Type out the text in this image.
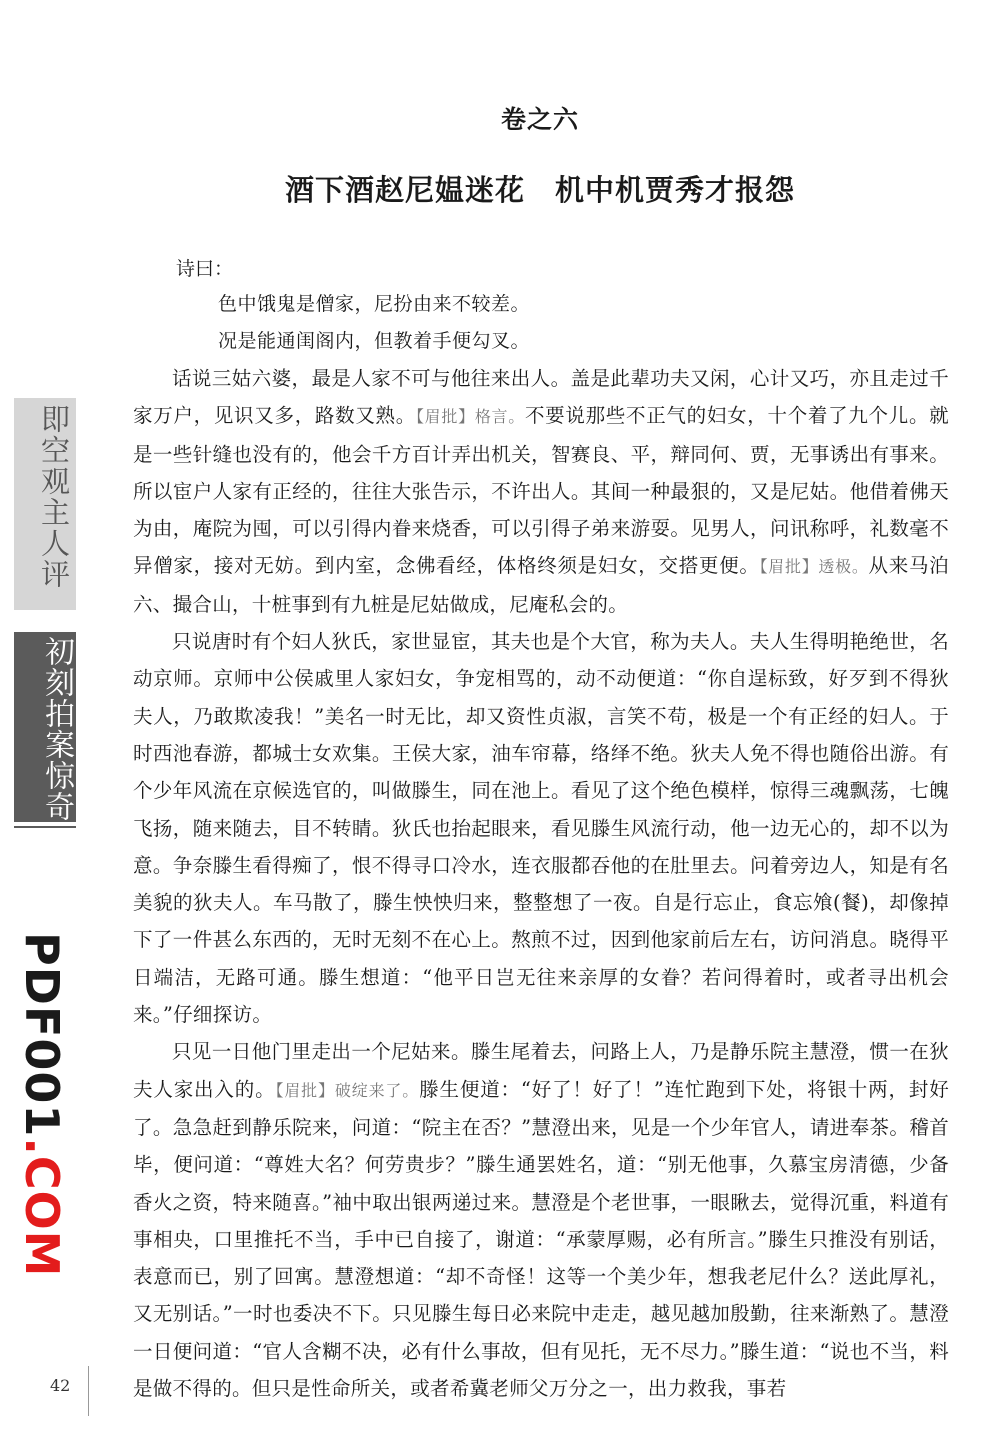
卷之六
酒下酒赵尼媪迷花　机中机贾秀才报怨
诗曰：
色中饿鬼是僧家，尼扮由来不较差。
况是能通闺阁内，但教着手便勾叉。

话说三姑六婆，最是人家不可与他往来出人。盖是此辈功夫又闲，心计又巧，亦且走过千家万户，见识又多，路数又熟。【眉批】格言。不要说那些不正气的妇女，十个着了九个儿。就是一些针缝也没有的，他会千方百计弄出机关，智赛良、平，辩同何、贾，无事诱出有事来。所以宦户人家有正经的，往往大张告示，不许出人。其间一种最狠的，又是尼姑。他借着佛天为由，庵院为囤，可以引得内眷来烧香，可以引得子弟来游耍。见男人，问讯称呼，礼数毫不异僧家，接对无妨。到内室，念佛看经，体格终须是妇女，交搭更便。【眉批】透极。从来马泊六、撮合山，十桩事到有九桩是尼姑做成，尼庵私会的。

只说唐时有个妇人狄氏，家世显宦，其夫也是个大官，称为夫人。夫人生得明艳绝世，名动京师。京师中公侯戚里人家妇女，争宠相骂的，动不动便道：“你自逞标致，好歹到不得狄夫人，乃敢欺凌我！”美名一时无比，却又资性贞淑，言笑不苟，极是一个有正经的妇人。于时西池春游，都城士女欢集。王侯大家，油车帘幕，络绎不绝。狄夫人免不得也随俗出游。有个少年风流在京候选官的，叫做滕生，同在池上。看见了这个绝色模样，惊得三魂飘荡，七魄飞扬，随来随去，目不转睛。狄氏也抬起眼来，看见滕生风流行动，他一边无心的，却不以为意。争奈滕生看得痴了，恨不得寻口冷水，连衣服都吞他的在肚里去。问着旁边人，知是有名美貌的狄夫人。车马散了，滕生怏怏归来，整整想了一夜。自是行忘止，食忘飧(餐)，却像掉下了一件甚么东西的，无时无刻不在心上。熬煎不过，因到他家前后左右，访问消息。晓得平日端洁，无路可通。滕生想道：“他平日岂无往来亲厚的女眷？若问得着时，或者寻出机会来。”仔细探访。

只见一日他门里走出一个尼姑来。滕生尾着去，问路上人，乃是静乐院主慧澄，惯一在狄夫人家出入的。【眉批】破绽来了。滕生便道：“好了！好了！”连忙跑到下处，将银十两，封好了。急急赶到静乐院来，问道：“院主在否？”慧澄出来，见是一个少年官人，请进奉茶。稽首毕，便问道：“尊姓大名？何劳贵步？”滕生通罢姓名，道：“别无他事，久慕宝房清德，少备香火之资，特来随喜。”袖中取出银两递过来。慧澄是个老世事，一眼瞅去，觉得沉重，料道有事相央，口里推托不当，手中已自接了，谢道：“承蒙厚赐，必有所言。”滕生只推没有别话，表意而已，别了回寓。慧澄想道：“却不奇怪！这等一个美少年，想我老尼什么？送此厚礼，又无别话。”一时也委决不下。只见滕生每日必来院中走走，越见越加殷勤，往来渐熟了。慧澄一日便问道：“官人含糊不决，必有什么事故，但有见托，无不尽力。”滕生道：“说也不当，料是做不得的。但只是性命所关，或者希冀老师父万分之一，出力救我，事若

即空观主人评
初刻拍案惊奇
PDF001.COM
42
